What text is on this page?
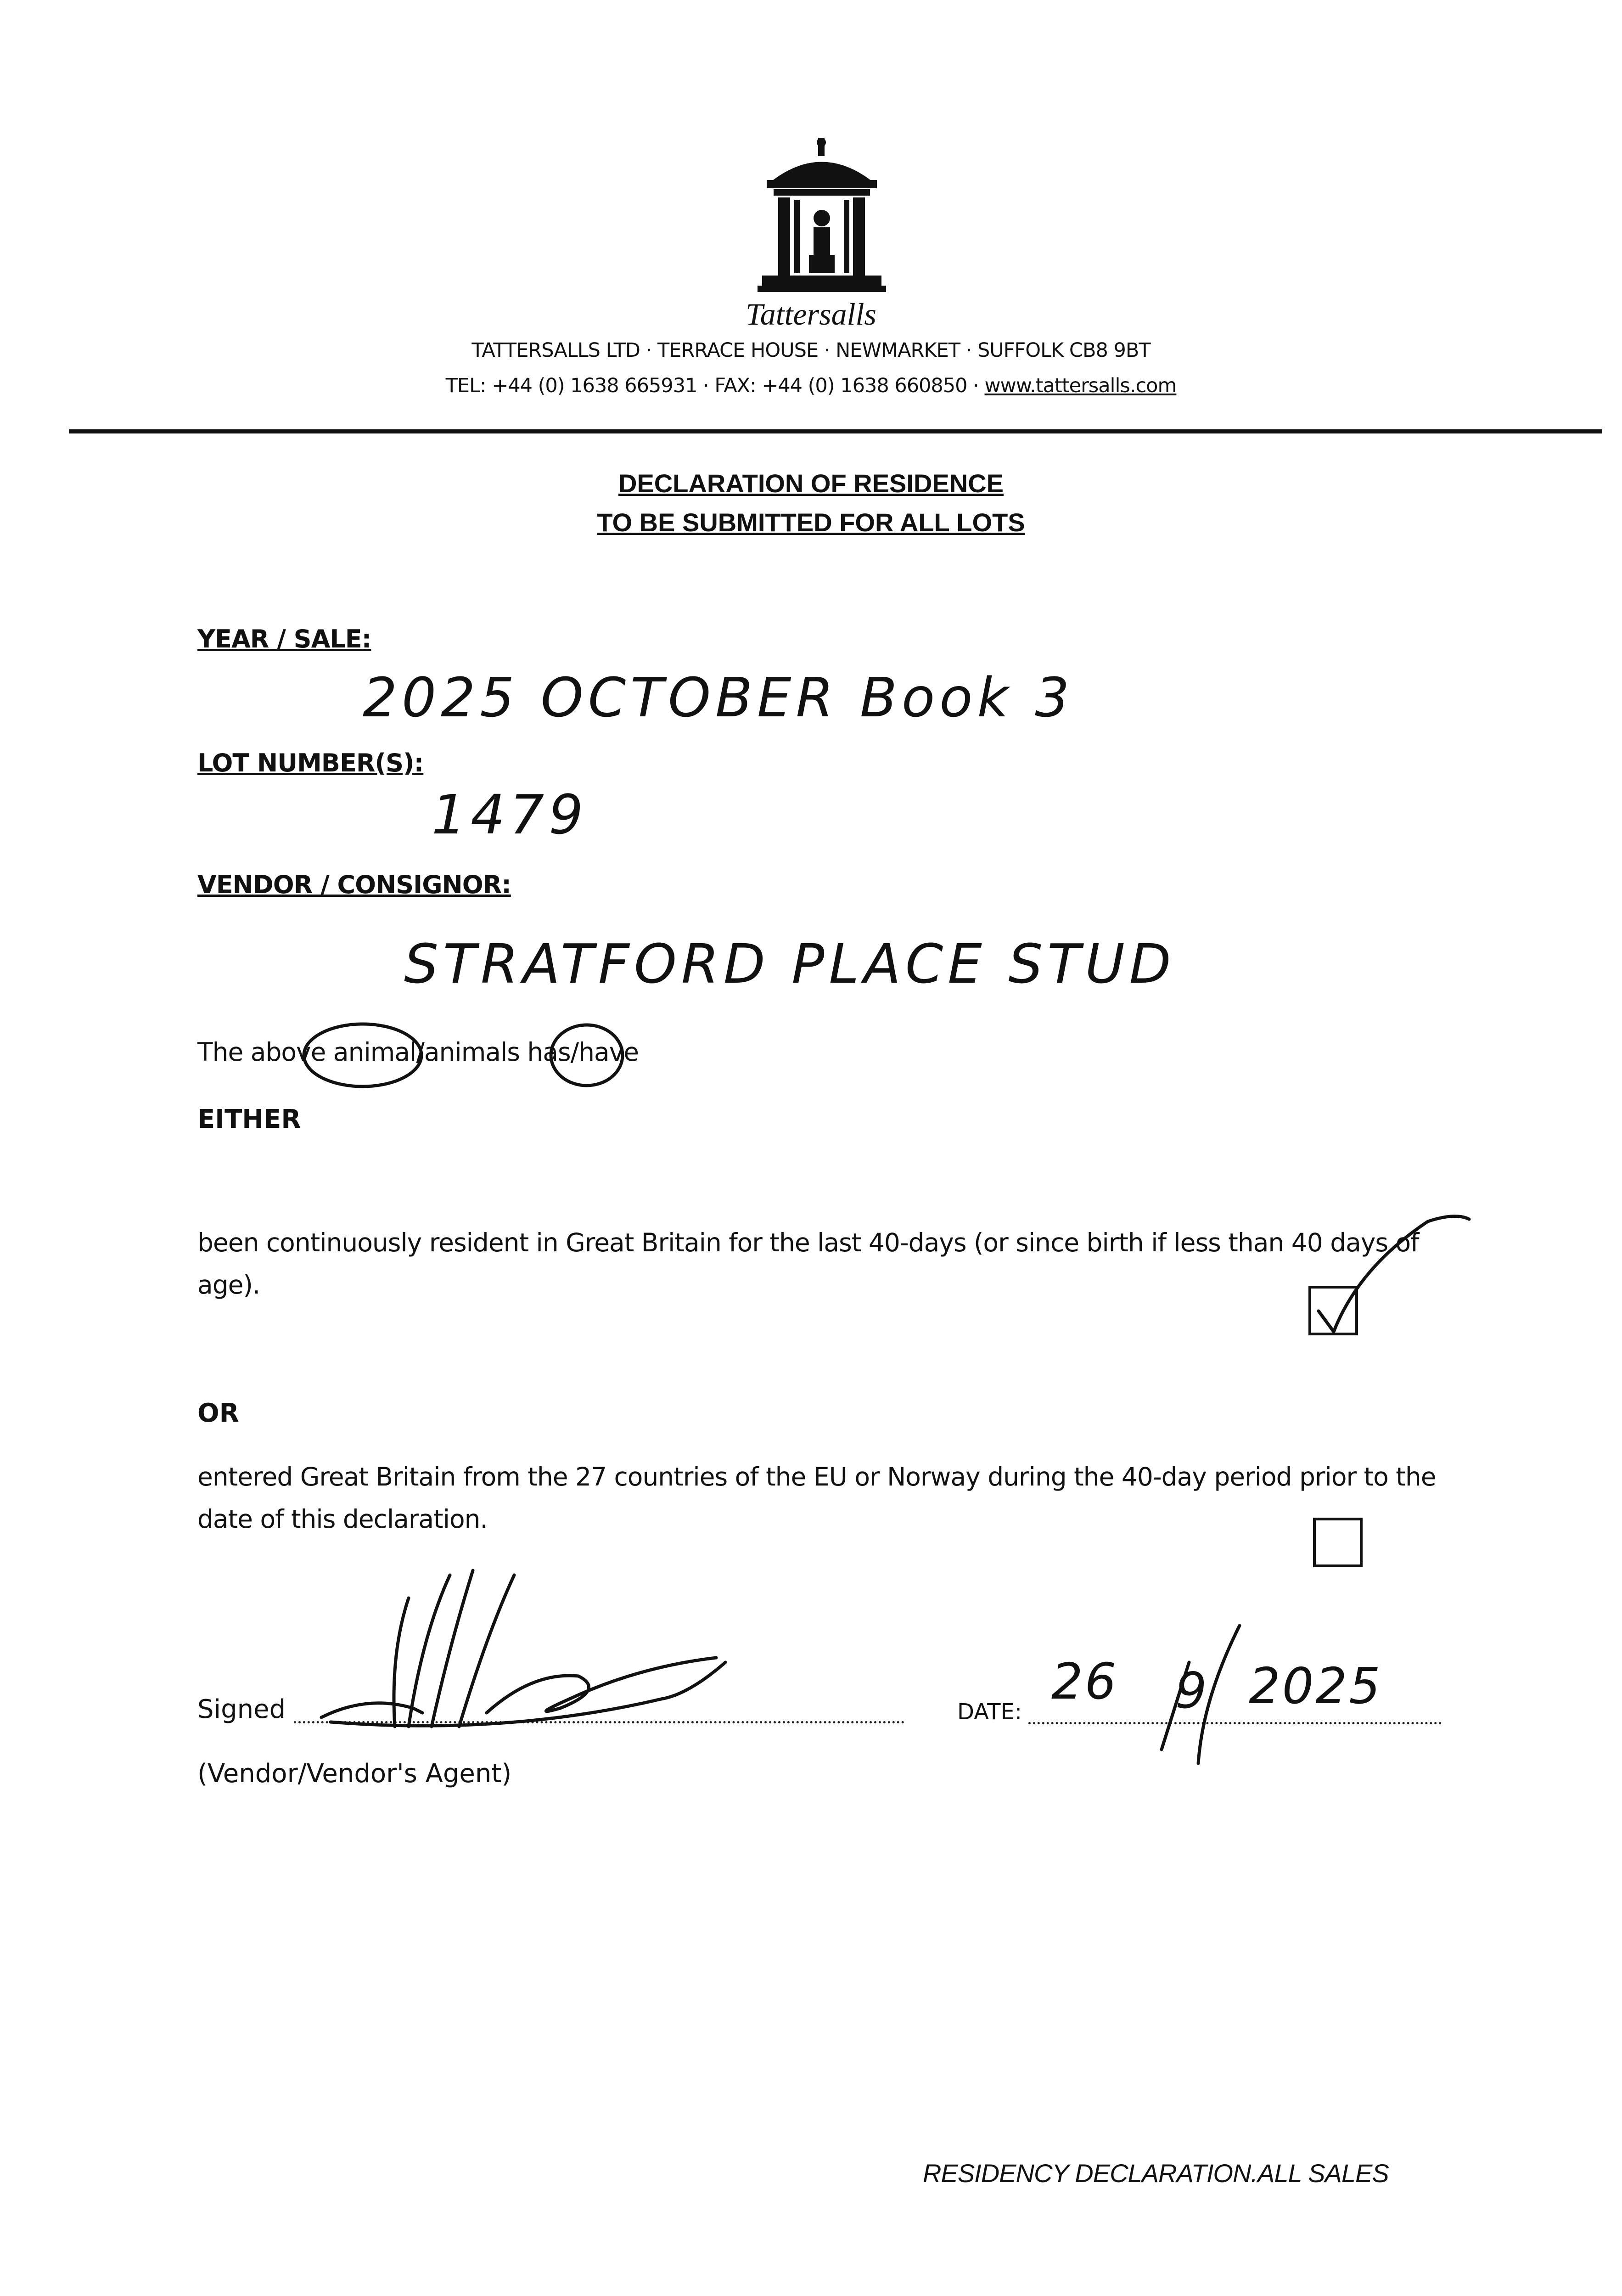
Tattersalls
TATTERSALLS LTD · TERRACE HOUSE · NEWMARKET · SUFFOLK CB8 9BT
TEL: +44 (0) 1638 665931 · FAX: +44 (0) 1638 660850 · www.tattersalls.com
DECLARATION OF RESIDENCE
TO BE SUBMITTED FOR ALL LOTS
YEAR / SALE:
2025 OCTOBER Book 3
LOT NUMBER(S):
1479
VENDOR / CONSIGNOR:
STRATFORD PLACE STUD
The above animal/animals has/have
EITHER
been continuously resident in Great Britain for the last 40-days (or since birth if less than 40 days of age).
OR
entered Great Britain from the 27 countries of the EU or Norway during the 40-day period prior to the date of this declaration.
Signed
(Vendor/Vendor's Agent)
DATE:
26 9 2025
RESIDENCY DECLARATION.ALL SALES
